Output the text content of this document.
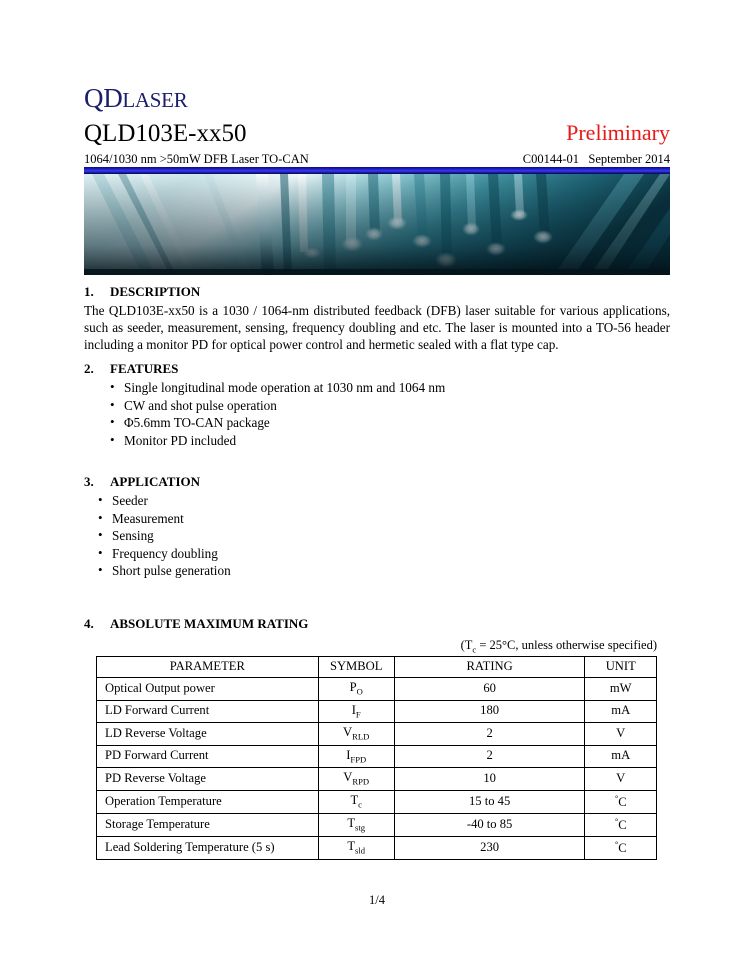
QDLASER
QLD103E-xx50	Preliminary
1064/1030 nm >50mW DFB Laser TO-CAN	C00144-01   September 2014
1. DESCRIPTION
The QLD103E-xx50 is a 1030 / 1064-nm distributed feedback (DFB) laser suitable for various applications, such as seeder, measurement, sensing, frequency doubling and etc. The laser is mounted into a TO-56 header including a monitor PD for optical power control and hermetic sealed with a flat type cap.
2. FEATURES
• Single longitudinal mode operation at 1030 nm and 1064 nm
• CW and shot pulse operation
• Φ5.6mm TO-CAN package
• Monitor PD included
3. APPLICATION
• Seeder
• Measurement
• Sensing
• Frequency doubling
• Short pulse generation
4. ABSOLUTE MAXIMUM RATING
($T_c = 25^\circ C$, unless otherwise specified)
PARAMETER	SYMBOL	RATING	UNIT
Optical Output power	$P_O$	60	mW
LD Forward Current	$I_F$	180	mA
LD Reverse Voltage	$V_{RLD}$	2	V
PD Forward Current	$I_{FPD}$	2	mA
PD Reverse Voltage	$V_{RPD}$	10	V
Operation Temperature	$T_c$	15 to 45	°C
Storage Temperature	$T_{stg}$	-40 to 85	°C
Lead Soldering Temperature (5 s)	$T_{sld}$	230	°C
1/4
